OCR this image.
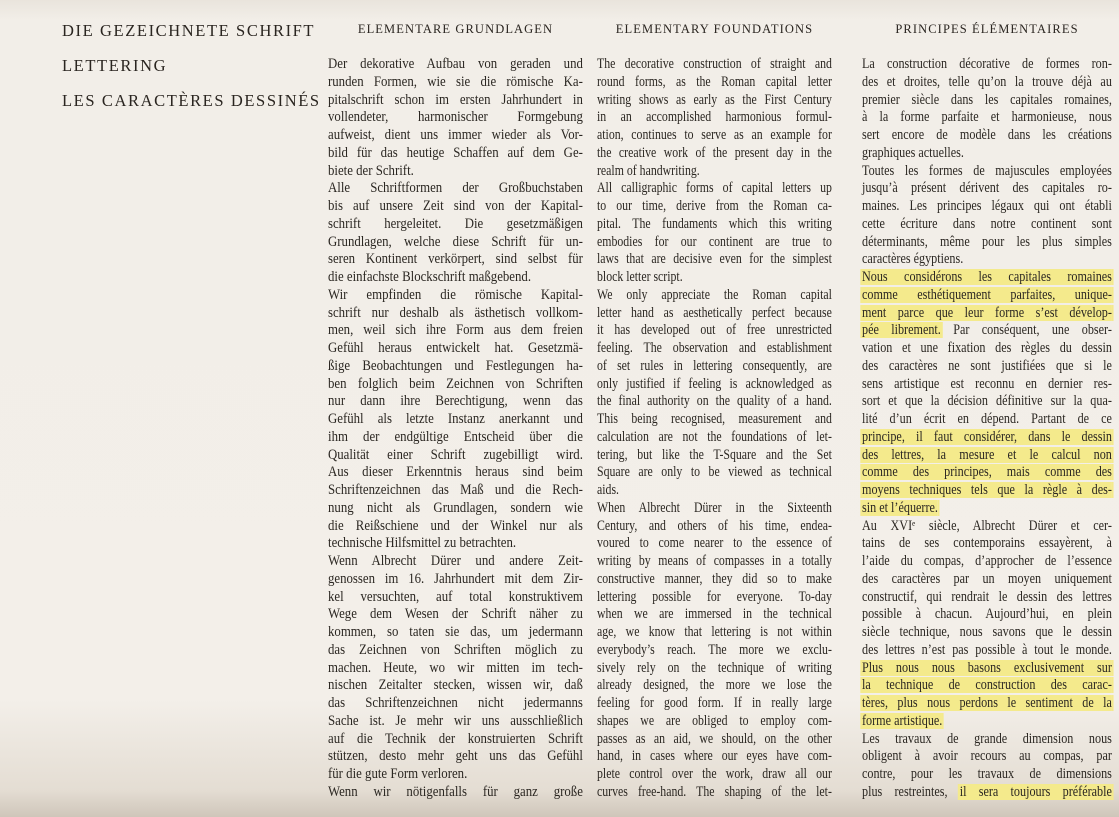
DIE GEZEICHNETE SCHRIFT
LETTERING
LES CARACTÈRES DESSINÉS
ELEMENTARE GRUNDLAGEN	ELEMENTARY FOUNDATIONS	PRINCIPES ÉLÉMENTAIRES
Der dekorative Aufbau von geraden und
runden Formen, wie sie die römische Ka-
pitalschrift schon im ersten Jahrhundert in
vollendeter, harmonischer Formgebung
aufweist, dient uns immer wieder als Vor-
bild für das heutige Schaffen auf dem Ge-
biete der Schrift.
Alle Schriftformen der Großbuchstaben
bis auf unsere Zeit sind von der Kapital-
schrift hergeleitet. Die gesetzmäßigen
Grundlagen, welche diese Schrift für un-
seren Kontinent verkörpert, sind selbst für
die einfachste Blockschrift maßgebend.
Wir empfinden die römische Kapital-
schrift nur deshalb als ästhetisch vollkom-
men, weil sich ihre Form aus dem freien
Gefühl heraus entwickelt hat. Gesetzmä-
ßige Beobachtungen und Festlegungen ha-
ben folglich beim Zeichnen von Schriften
nur dann ihre Berechtigung, wenn das
Gefühl als letzte Instanz anerkannt und
ihm der endgültige Entscheid über die
Qualität einer Schrift zugebilligt wird.
Aus dieser Erkenntnis heraus sind beim
Schriftenzeichnen das Maß und die Rech-
nung nicht als Grundlagen, sondern wie
die Reißschiene und der Winkel nur als
technische Hilfsmittel zu betrachten.
Wenn Albrecht Dürer und andere Zeit-
genossen im 16. Jahrhundert mit dem Zir-
kel versuchten, auf total konstruktivem
Wege dem Wesen der Schrift näher zu
kommen, so taten sie das, um jedermann
das Zeichnen von Schriften möglich zu
machen. Heute, wo wir mitten im tech-
nischen Zeitalter stecken, wissen wir, daß
das Schriftenzeichnen nicht jedermanns
Sache ist. Je mehr wir uns ausschließlich
auf die Technik der konstruierten Schrift
stützen, desto mehr geht uns das Gefühl
für die gute Form verloren.
Wenn wir nötigenfalls für ganz große
The decorative construction of straight and
round forms, as the Roman capital letter
writing shows as early as the First Century
in an accomplished harmonious formul-
ation, continues to serve as an example for
the creative work of the present day in the
realm of handwriting.
All calligraphic forms of capital letters up
to our time, derive from the Roman ca-
pital. The fundaments which this writing
embodies for our continent are true to
laws that are decisive even for the simplest
block letter script.
We only appreciate the Roman capital
letter hand as aesthetically perfect because
it has developed out of free unrestricted
feeling. The observation and establishment
of set rules in lettering consequently, are
only justified if feeling is acknowledged as
the final authority on the quality of a hand.
This being recognised, measurement and
calculation are not the foundations of let-
tering, but like the T-Square and the Set
Square are only to be viewed as technical
aids.
When Albrecht Dürer in the Sixteenth
Century, and others of his time, endea-
voured to come nearer to the essence of
writing by means of compasses in a totally
constructive manner, they did so to make
lettering possible for everyone. To-day
when we are immersed in the technical
age, we know that lettering is not within
everybody’s reach. The more we exclu-
sively rely on the technique of writing
already designed, the more we lose the
feeling for good form. If in really large
shapes we are obliged to employ com-
passes as an aid, we should, on the other
hand, in cases where our eyes have com-
plete control over the work, draw all our
curves free-hand. The shaping of the let-
La construction décorative de formes ron-
des et droites, telle qu’on la trouve déjà au
premier siècle dans les capitales romaines,
à la forme parfaite et harmonieuse, nous
sert encore de modèle dans les créations
graphiques actuelles.
Toutes les formes de majuscules employées
jusqu’à présent dérivent des capitales ro-
maines. Les principes légaux qui ont établi
cette écriture dans notre continent sont
déterminants, même pour les plus simples
caractères égyptiens.
Nous considérons les capitales romaines
comme esthétiquement parfaites, unique-
ment parce que leur forme s’est dévelop-
pée librement. Par conséquent, une obser-
vation et une fixation des règles du dessin
des caractères ne sont justifiées que si le
sens artistique est reconnu en dernier res-
sort et que la décision définitive sur la qua-
lité d’un écrit en dépend. Partant de ce
principe, il faut considérer, dans le dessin
des lettres, la mesure et le calcul non
comme des principes, mais comme des
moyens techniques tels que la règle à des-
sin et l’équerre.
Au XVIᵉ siècle, Albrecht Dürer et cer-
tains de ses contemporains essayèrent, à
l’aide du compas, d’approcher de l’essence
des caractères par un moyen uniquement
constructif, qui rendrait le dessin des lettres
possible à chacun. Aujourd’hui, en plein
siècle technique, nous savons que le dessin
des lettres n’est pas possible à tout le monde.
Plus nous nous basons exclusivement sur
la technique de construction des carac-
tères, plus nous perdons le sentiment de la
forme artistique.
Les travaux de grande dimension nous
obligent à avoir recours au compas, par
contre, pour les travaux de dimensions
plus restreintes, il sera toujours préférable
